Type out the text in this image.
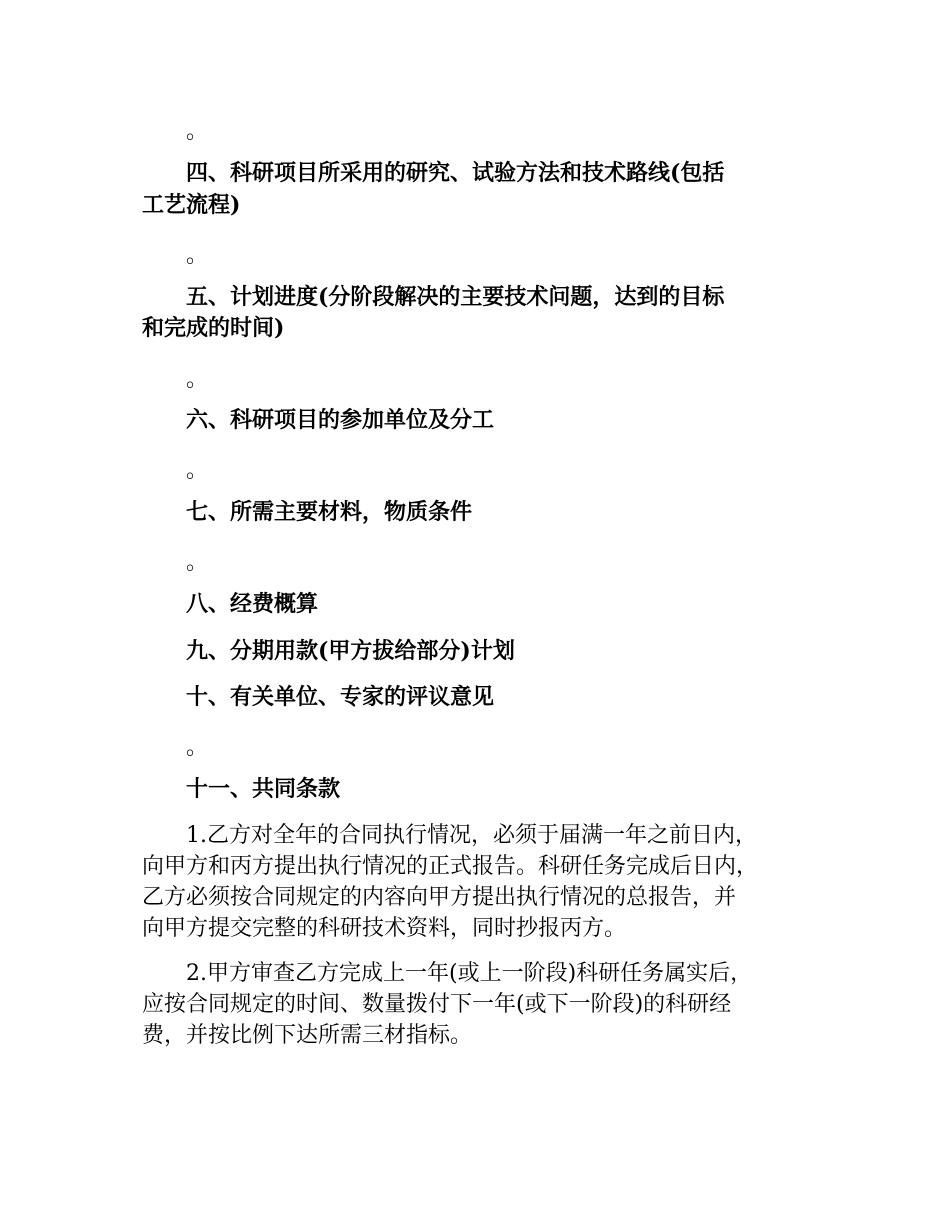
。
四、科研项目所采用的研究、试验方法和技术路线(包括
工艺流程)
。
五、计划进度(分阶段解决的主要技术问题，达到的目标
和完成的时间)
。
六、科研项目的参加单位及分工
。
七、所需主要材料，物质条件
。
八、经费概算
九、分期用款(甲方拔给部分)计划
十、有关单位、专家的评议意见
。
十一、共同条款
1.乙方对全年的合同执行情况，必须于届满一年之前日内，
向甲方和丙方提出执行情况的正式报告。科研任务完成后日内，
乙方必须按合同规定的内容向甲方提出执行情况的总报告，并
向甲方提交完整的科研技术资料，同时抄报丙方。
2.甲方审查乙方完成上一年(或上一阶段)科研任务属实后，
应按合同规定的时间、数量拨付下一年(或下一阶段)的科研经
费，并按比例下达所需三材指标。
